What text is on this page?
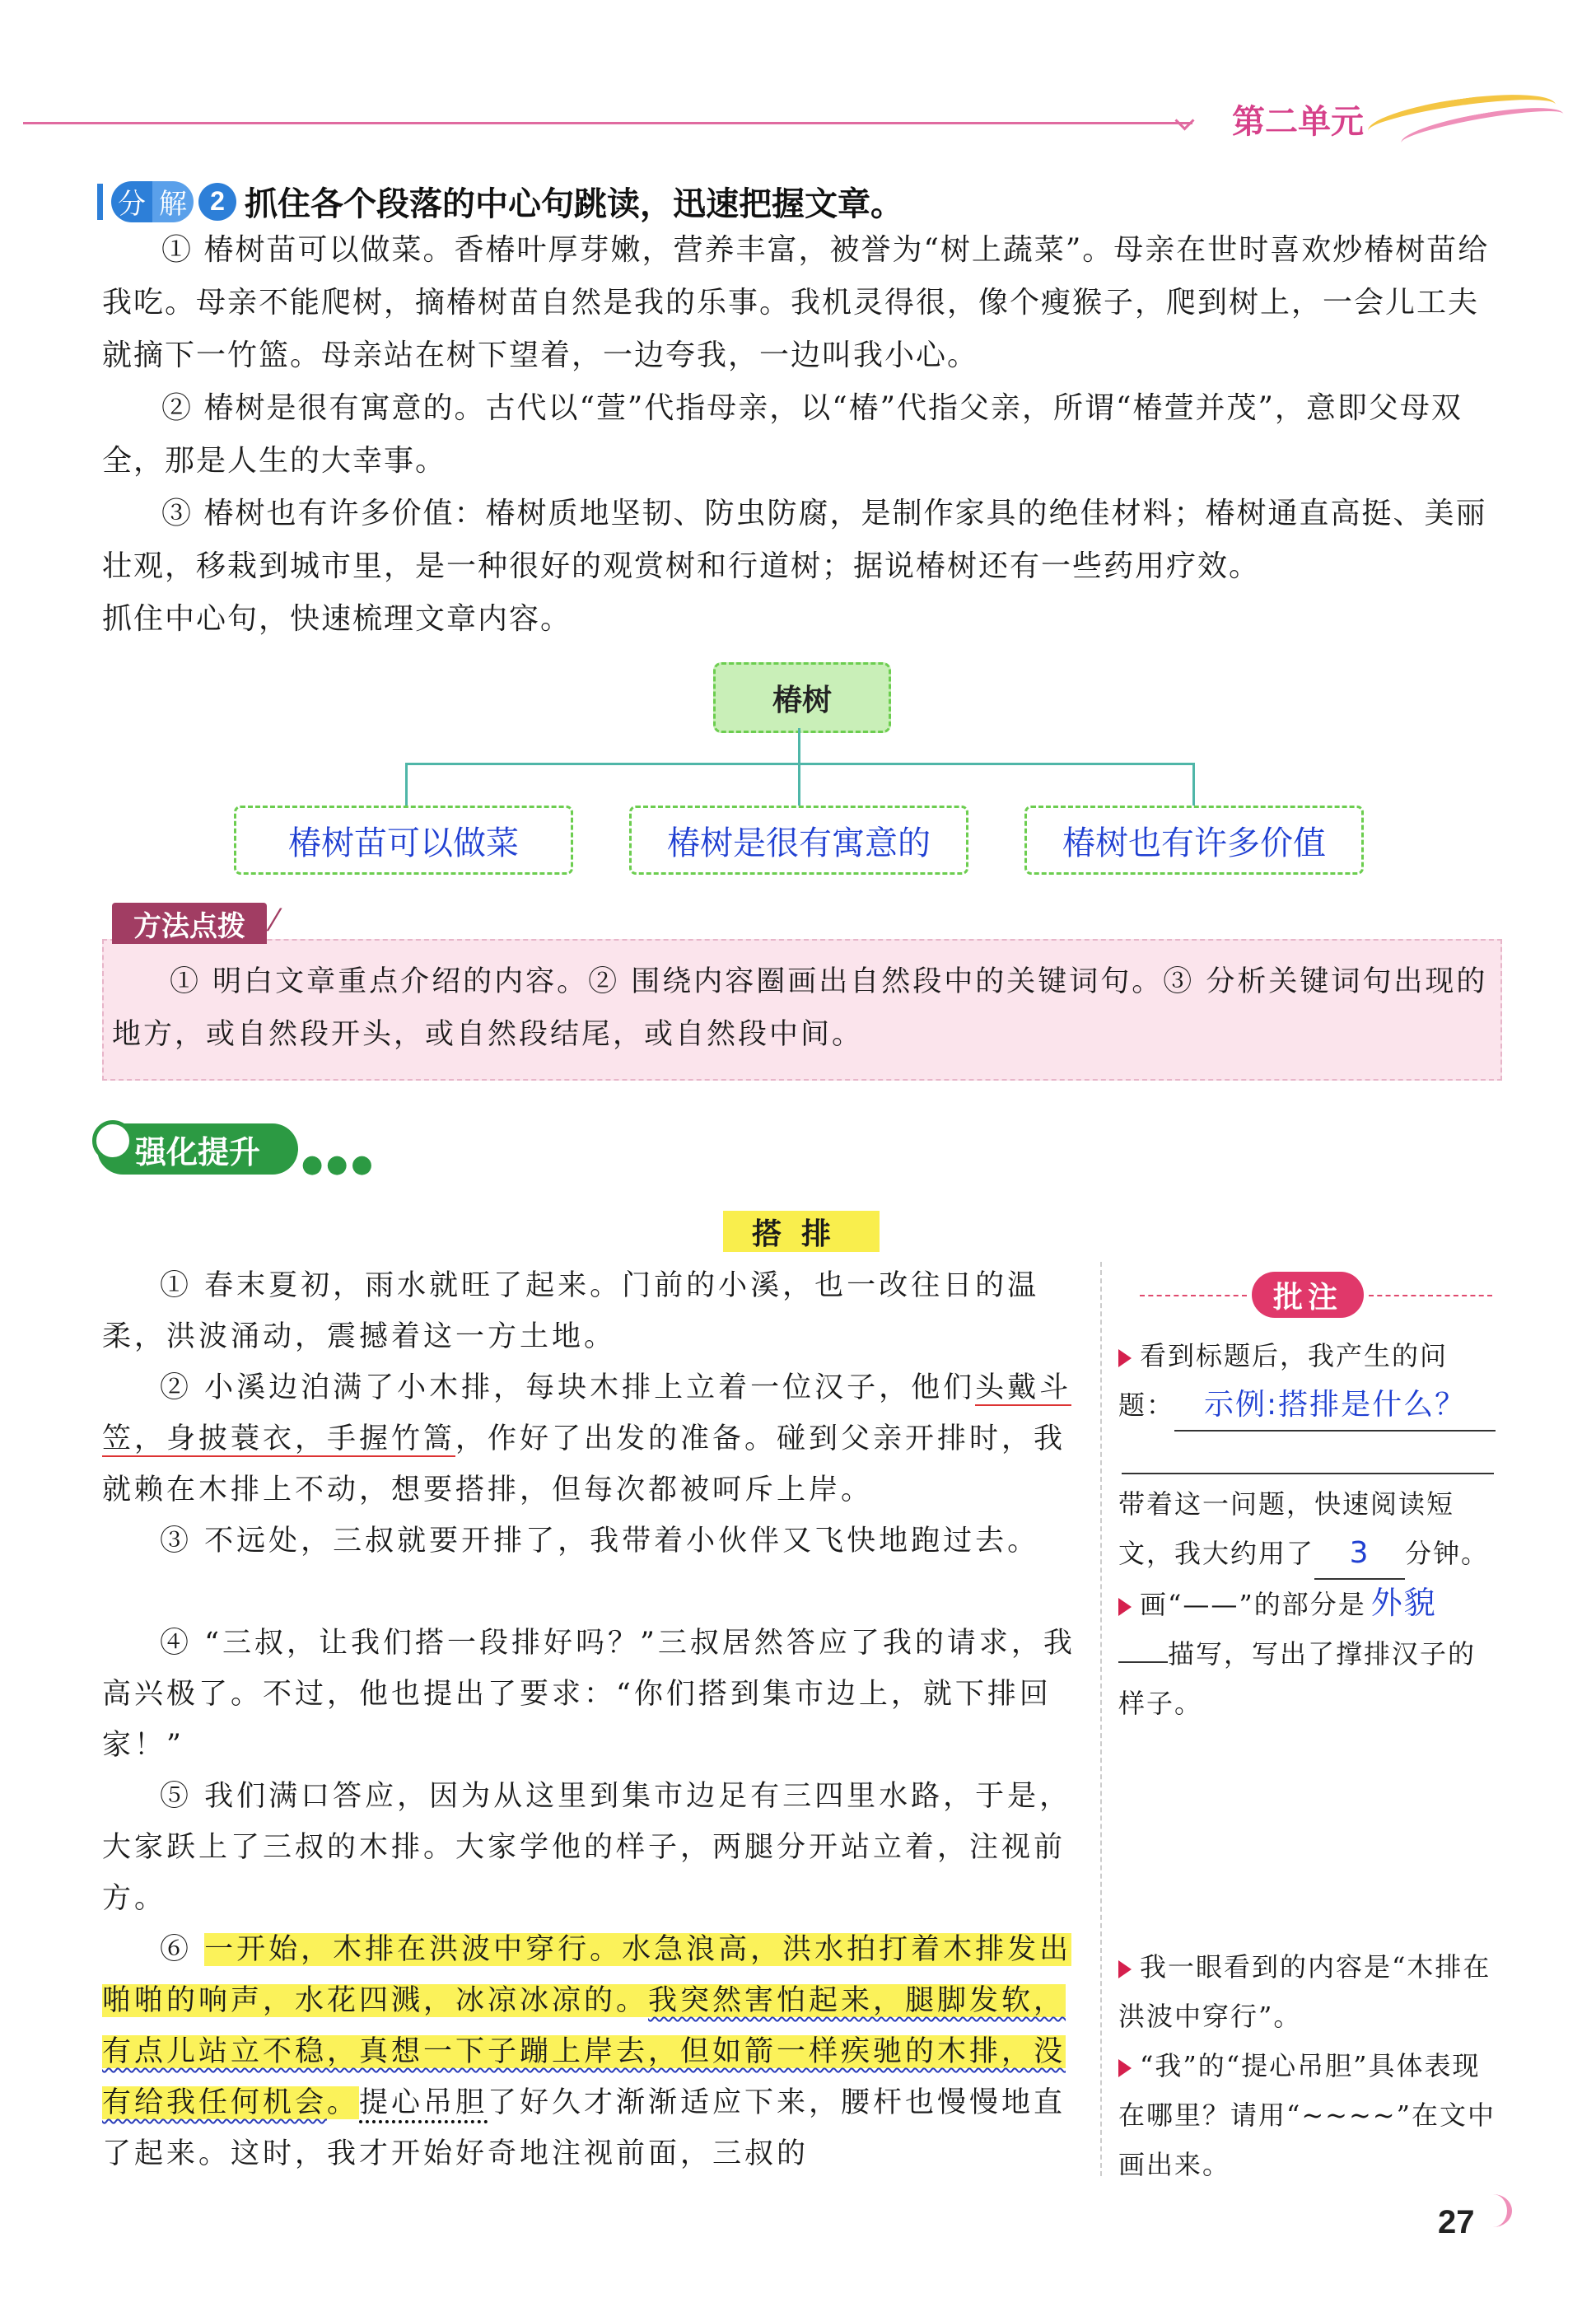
第二单元
分 解 2 抓住各个段落的中心句跳读，迅速把握文章。
① 椿树苗可以做菜。香椿叶厚芽嫩，营养丰富，被誉为“树上蔬菜”。母亲在世时喜欢炒椿树苗给我吃。母亲不能爬树，摘椿树苗自然是我的乐事。我机灵得很，像个瘦猴子，爬到树上，一会儿工夫就摘下一竹篮。母亲站在树下望着，一边夸我，一边叫我小心。
② 椿树是很有寓意的。古代以“萱”代指母亲，以“椿”代指父亲，所谓“椿萱并茂”，意即父母双全，那是人生的大幸事。
③ 椿树也有许多价值：椿树质地坚韧、防虫防腐，是制作家具的绝佳材料；椿树通直高挺、美丽壮观，移栽到城市里，是一种很好的观赏树和行道树；据说椿树还有一些药用疗效。
抓住中心句，快速梳理文章内容。
椿树
椿树苗可以做菜	椿树是很有寓意的	椿树也有许多价值
方法点拨 ⁄
① 明白文章重点介绍的内容。② 围绕内容圈画出自然段中的关键词句。③ 分析关键词句出现的地方，或自然段开头，或自然段结尾，或自然段中间。
强化提升	●●●
搭排
① 春末夏初，雨水就旺了起来。门前的小溪，也一改往日的温柔，洪波涌动，震撼着这一方土地。
② 小溪边泊满了小木排，每块木排上立着一位汉子，他们头戴斗笠，身披蓑衣，手握竹篙，作好了出发的准备。碰到父亲开排时，我就赖在木排上不动，想要搭排，但每次都被呵斥上岸。
③ 不远处，三叔就要开排了，我带着小伙伴又飞快地跑过去。
④ “三叔，让我们搭一段排好吗？”三叔居然答应了我的请求，我高兴极了。不过，他也提出了要求：“你们搭到集市边上，就下排回家！”
⑤ 我们满口答应，因为从这里到集市边足有三四里水路，于是，大家跃上了三叔的木排。大家学他的样子，两腿分开站立着，注视前方。
⑥ 一开始，木排在洪波中穿行。水急浪高，洪水拍打着木排发出啪啪的响声，水花四溅，冰凉冰凉的。我突然害怕起来，腿脚发软，有点儿站立不稳，真想一下子蹦上岸去，但如箭一样疾驰的木排，没有给我任何机会。提心吊胆了好久才渐渐适应下来，腰杆也慢慢地直了起来。这时，我才开始好奇地注视前面，三叔的
批注
看到标题后，我产生的问题： 示例:搭排是什么？
带着这一问题，快速阅读短文，我大约用了 3 分钟。
画“——”的部分是 外貌
描写，写出了撑排汉子的样子。
我一眼看到的内容是“木排在洪波中穿行”。
“我”的“提心吊胆”具体表现在哪里？请用“~~~~”在文中画出来。
27
